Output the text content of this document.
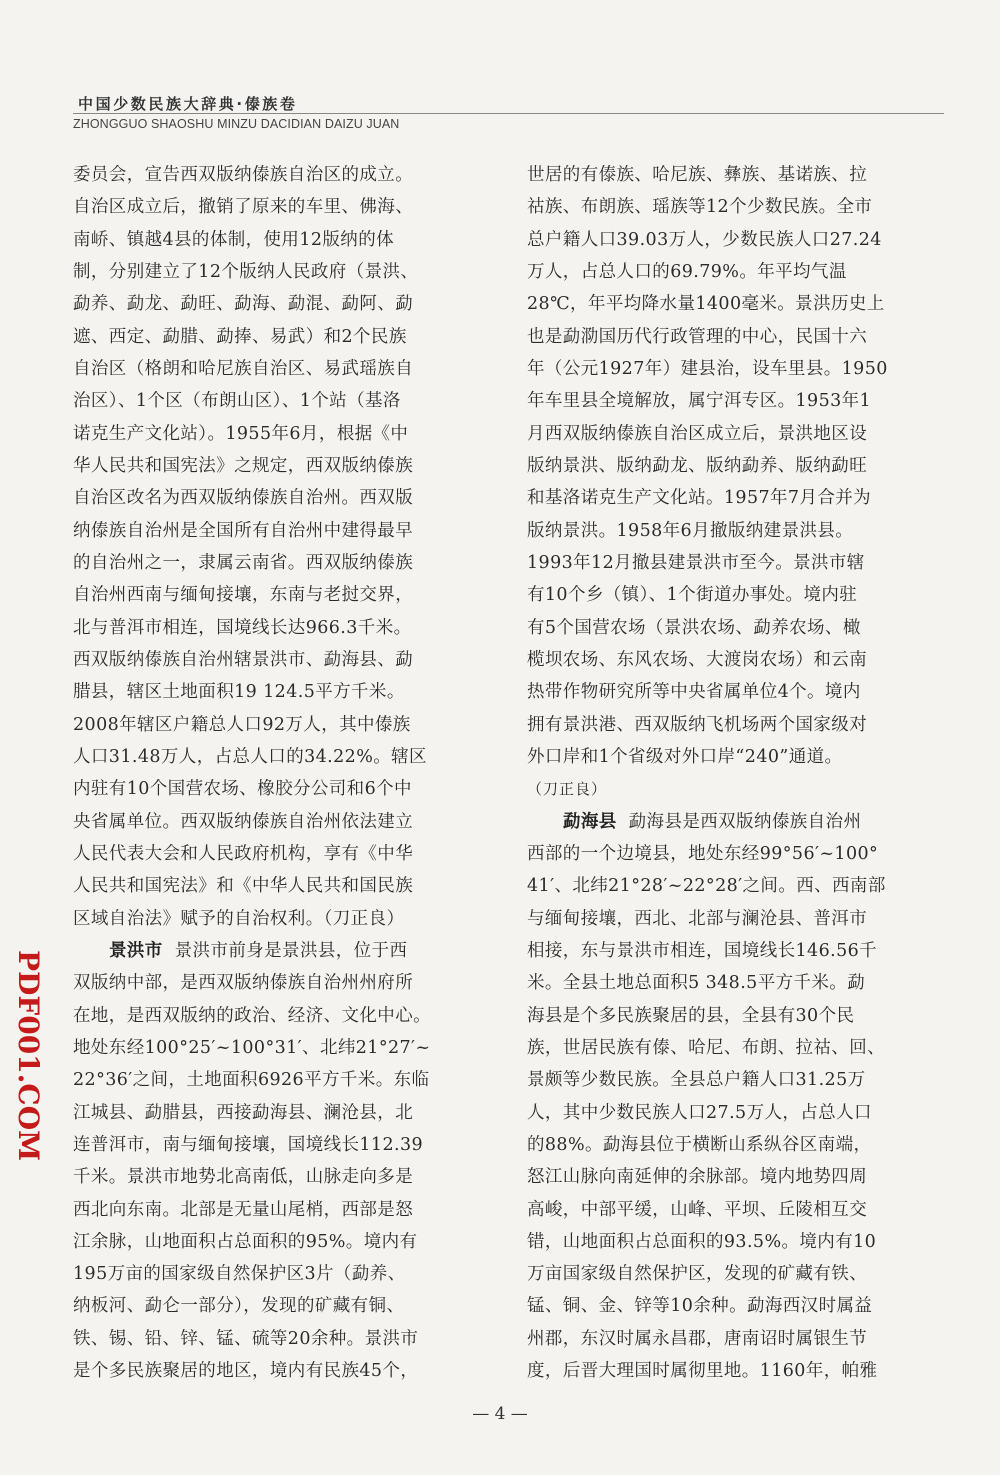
中国少数民族大辞典·傣族卷
ZHONGGUO SHAOSHU MINZU DACIDIAN DAIZU JUAN
委员会，宣告西双版纳傣族自治区的成立。
自治区成立后，撤销了原来的车里、佛海、
南峤、镇越4县的体制，使用12版纳的体
制，分别建立了12个版纳人民政府（景洪、
勐养、勐龙、勐旺、勐海、勐混、勐阿、勐
遮、西定、勐腊、勐捧、易武）和2个民族
自治区（格朗和哈尼族自治区、易武瑶族自
治区）、1个区（布朗山区）、1个站（基洛
诺克生产文化站）。1955年6月，根据《中
华人民共和国宪法》之规定，西双版纳傣族
自治区改名为西双版纳傣族自治州。西双版
纳傣族自治州是全国所有自治州中建得最早
的自治州之一，隶属云南省。西双版纳傣族
自治州西南与缅甸接壤，东南与老挝交界，
北与普洱市相连，国境线长达966.3千米。
西双版纳傣族自治州辖景洪市、勐海县、勐
腊县，辖区土地面积19 124.5平方千米。
2008年辖区户籍总人口92万人，其中傣族
人口31.48万人，占总人口的34.22%。辖区
内驻有10个国营农场、橡胶分公司和6个中
央省属单位。西双版纳傣族自治州依法建立
人民代表大会和人民政府机构，享有《中华
人民共和国宪法》和《中华人民共和国民族
区域自治法》赋予的自治权利。（刀正良）
景洪市 景洪市前身是景洪县，位于西
双版纳中部，是西双版纳傣族自治州州府所
在地，是西双版纳的政治、经济、文化中心。
地处东经100°25′~100°31′、北纬21°27′~
22°36′之间，土地面积6926平方千米。东临
江城县、勐腊县，西接勐海县、澜沧县，北
连普洱市，南与缅甸接壤，国境线长112.39
千米。景洪市地势北高南低，山脉走向多是
西北向东南。北部是无量山尾梢，西部是怒
江余脉，山地面积占总面积的95%。境内有
195万亩的国家级自然保护区3片（勐养、
纳板河、勐仑一部分），发现的矿藏有铜、
铁、锡、铅、锌、锰、硫等20余种。景洪市
是个多民族聚居的地区，境内有民族45个，
世居的有傣族、哈尼族、彝族、基诺族、拉
祜族、布朗族、瑶族等12个少数民族。全市
总户籍人口39.03万人，少数民族人口27.24
万人，占总人口的69.79%。年平均气温
28℃，年平均降水量1400毫米。景洪历史上
也是勐泐国历代行政管理的中心，民国十六
年（公元1927年）建县治，设车里县。1950
年车里县全境解放，属宁洱专区。1953年1
月西双版纳傣族自治区成立后，景洪地区设
版纳景洪、版纳勐龙、版纳勐养、版纳勐旺
和基洛诺克生产文化站。1957年7月合并为
版纳景洪。1958年6月撤版纳建景洪县。
1993年12月撤县建景洪市至今。景洪市辖
有10个乡（镇）、1个街道办事处。境内驻
有5个国营农场（景洪农场、勐养农场、橄
榄坝农场、东风农场、大渡岗农场）和云南
热带作物研究所等中央省属单位4个。境内
拥有景洪港、西双版纳飞机场两个国家级对
外口岸和1个省级对外口岸“240”通道。
（刀正良）
勐海县 勐海县是西双版纳傣族自治州
西部的一个边境县，地处东经99°56′~100°
41′、北纬21°28′~22°28′之间。西、西南部
与缅甸接壤，西北、北部与澜沧县、普洱市
相接，东与景洪市相连，国境线长146.56千
米。全县土地总面积5 348.5平方千米。勐
海县是个多民族聚居的县，全县有30个民
族，世居民族有傣、哈尼、布朗、拉祜、回、
景颇等少数民族。全县总户籍人口31.25万
人，其中少数民族人口27.5万人，占总人口
的88%。勐海县位于横断山系纵谷区南端，
怒江山脉向南延伸的余脉部。境内地势四周
高峻，中部平缓，山峰、平坝、丘陵相互交
错，山地面积占总面积的93.5%。境内有10
万亩国家级自然保护区，发现的矿藏有铁、
锰、铜、金、锌等10余种。勐海西汉时属益
州郡，东汉时属永昌郡，唐南诏时属银生节
度，后晋大理国时属彻里地。1160年，帕雅
PDF001.COM
— 4 —
